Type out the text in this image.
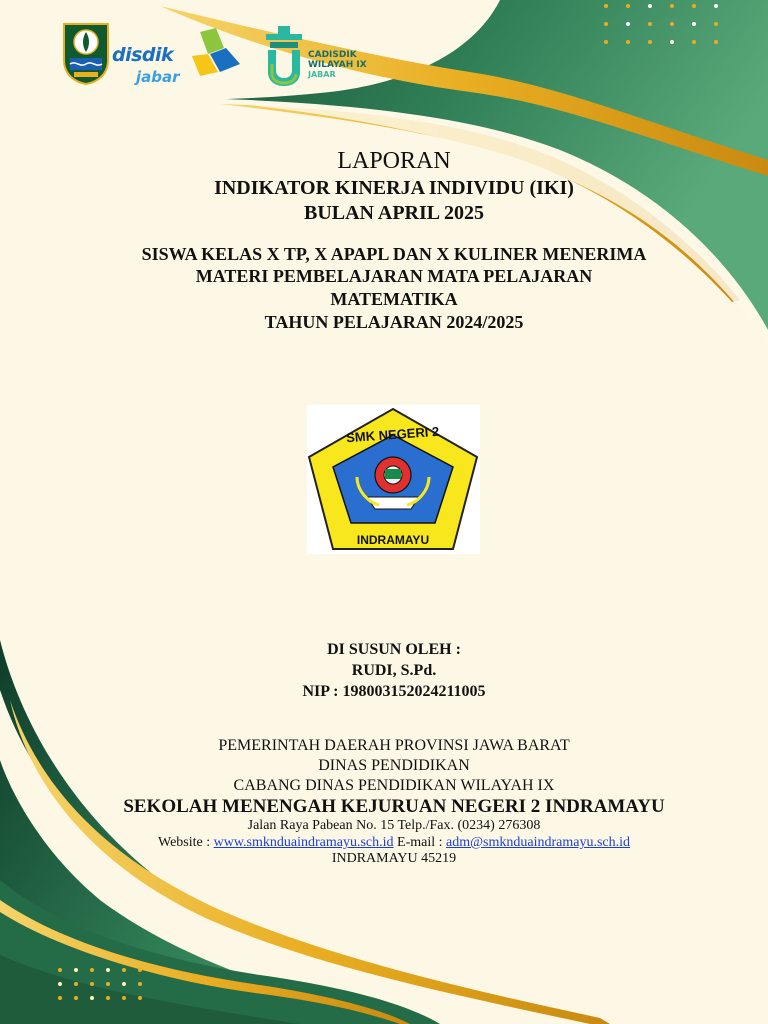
disdik
jabar
CADISDIK
WILAYAH IX
JABAR
LAPORAN
INDIKATOR KINERJA INDIVIDU (IKI)
BULAN APRIL 2025
SISWA KELAS X TP, X APAPL DAN X KULINER MENERIMA
MATERI PEMBELAJARAN MATA PELAJARAN
MATEMATIKA
TAHUN PELAJARAN 2024/2025
SMK NEGERI 2
INDRAMAYU
DI SUSUN OLEH :
RUDI, S.Pd.
NIP : 198003152024211005
PEMERINTAH DAERAH PROVINSI JAWA BARAT
DINAS PENDIDIKAN
CABANG DINAS PENDIDIKAN WILAYAH IX
SEKOLAH MENENGAH KEJURUAN NEGERI 2 INDRAMAYU
Jalan Raya Pabean No. 15 Telp./Fax. (0234) 276308
Website : www.smknduaindramayu.sch.id E-mail : adm@smknduaindramayu.sch.id
INDRAMAYU 45219
